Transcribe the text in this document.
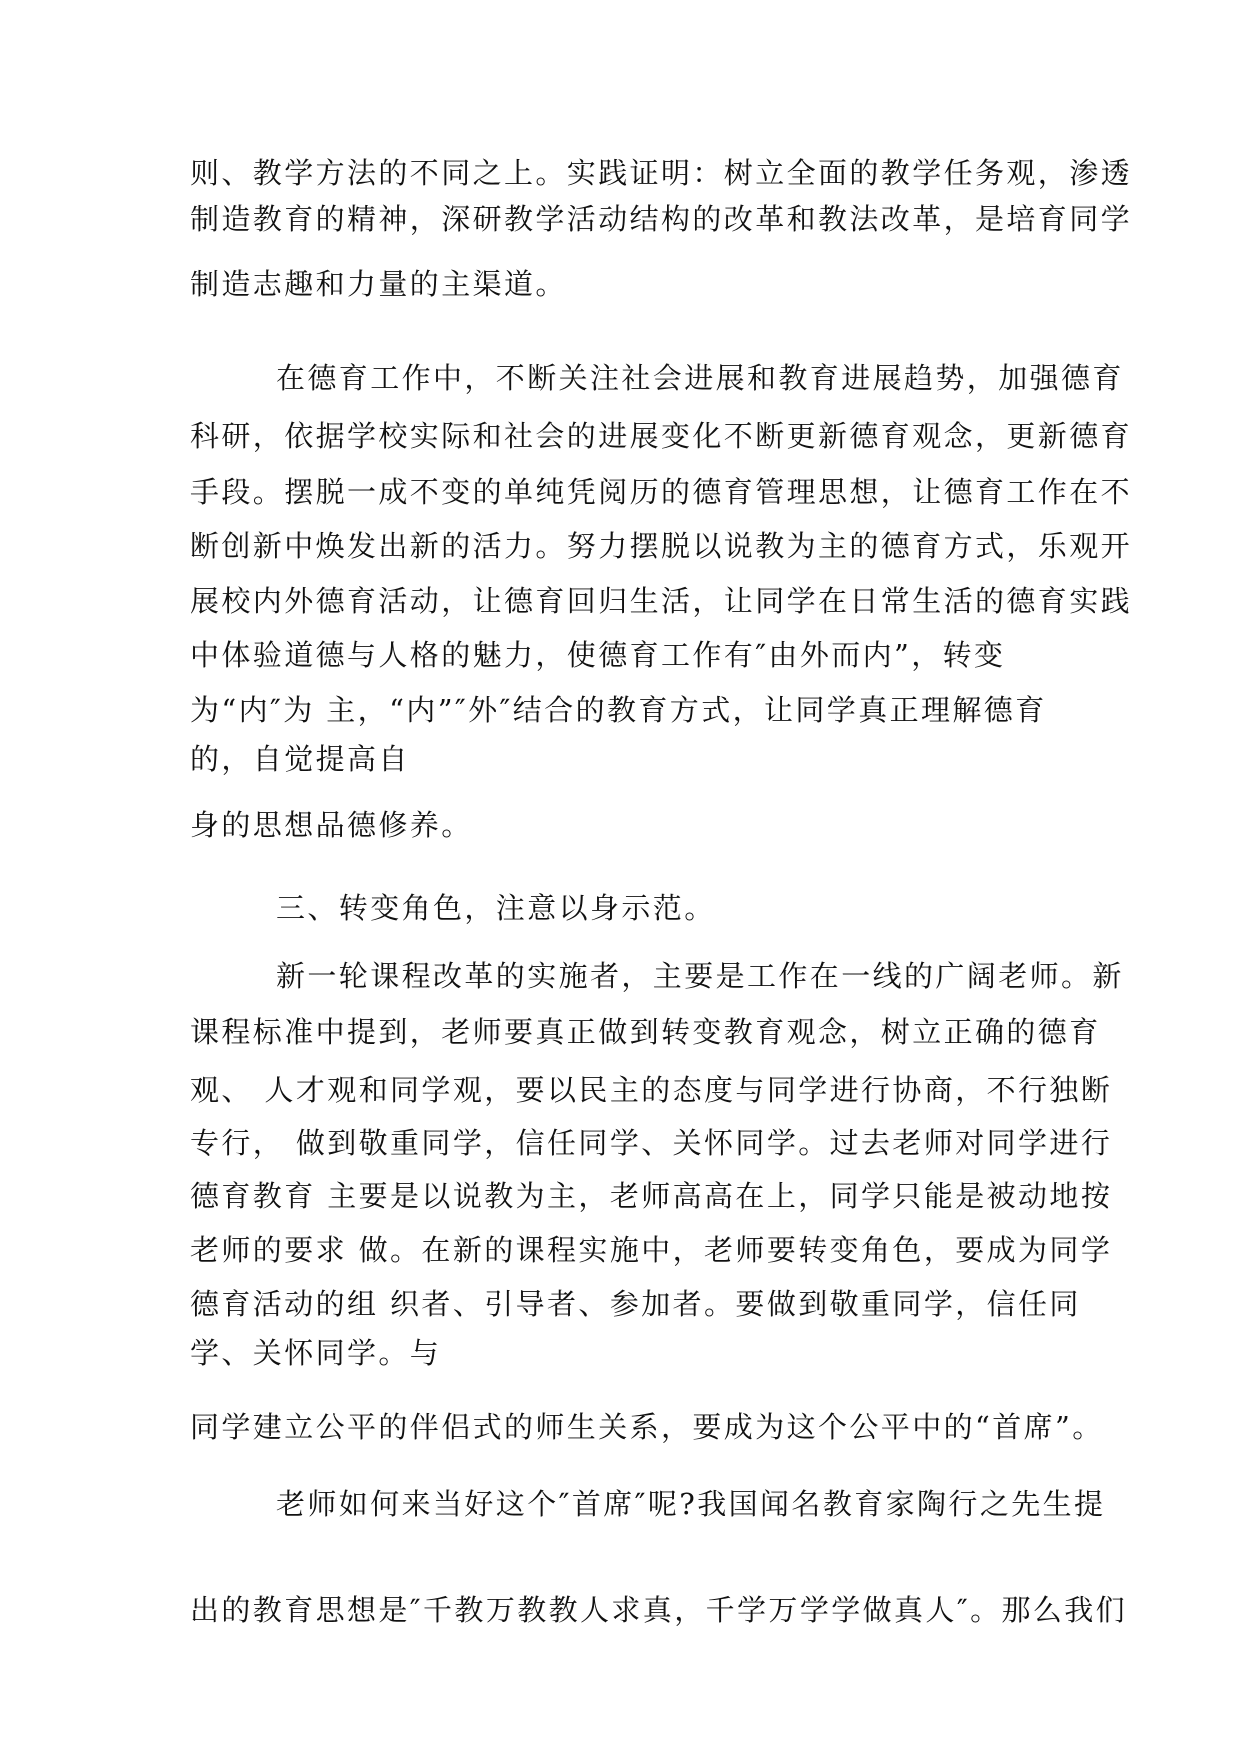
则、教学方法的不同之上。实践证明：树立全面的教学任务观，渗透
制造教育的精神，深研教学活动结构的改革和教法改革，是培育同学
制造志趣和力量的主渠道。
在德育工作中，不断关注社会进展和教育进展趋势，加强德育
科研，依据学校实际和社会的进展变化不断更新德育观念，更新德育
手段。摆脱一成不变的单纯凭阅历的德育管理思想，让德育工作在不
断创新中焕发出新的活力。努力摆脱以说教为主的德育方式，乐观开
展校内外德育活动，让德育回归生活，让同学在日常生活的德育实践
中体验道德与人格的魅力，使德育工作有″由外而内”，转变
为“内″为 主，“内”″外″结合的教育方式，让同学真正理解德育
的，自觉提高自
身的思想品德修养。
三、转变角色，注意以身示范。
新一轮课程改革的实施者，主要是工作在一线的广阔老师。新
课程标准中提到，老师要真正做到转变教育观念，树立正确的德育
观、 人才观和同学观，要以民主的态度与同学进行协商，不行独断
专行， 做到敬重同学，信任同学、关怀同学。过去老师对同学进行
德育教育 主要是以说教为主，老师高高在上，同学只能是被动地按
老师的要求 做。在新的课程实施中，老师要转变角色，要成为同学
德育活动的组 织者、引导者、参加者。要做到敬重同学，信任同
学、关怀同学。与
同学建立公平的伴侣式的师生关系，要成为这个公平中的“首席”。
老师如何来当好这个″首席″呢?我国闻名教育家陶行之先生提
出的教育思想是″千教万教教人求真，千学万学学做真人″。那么我们
